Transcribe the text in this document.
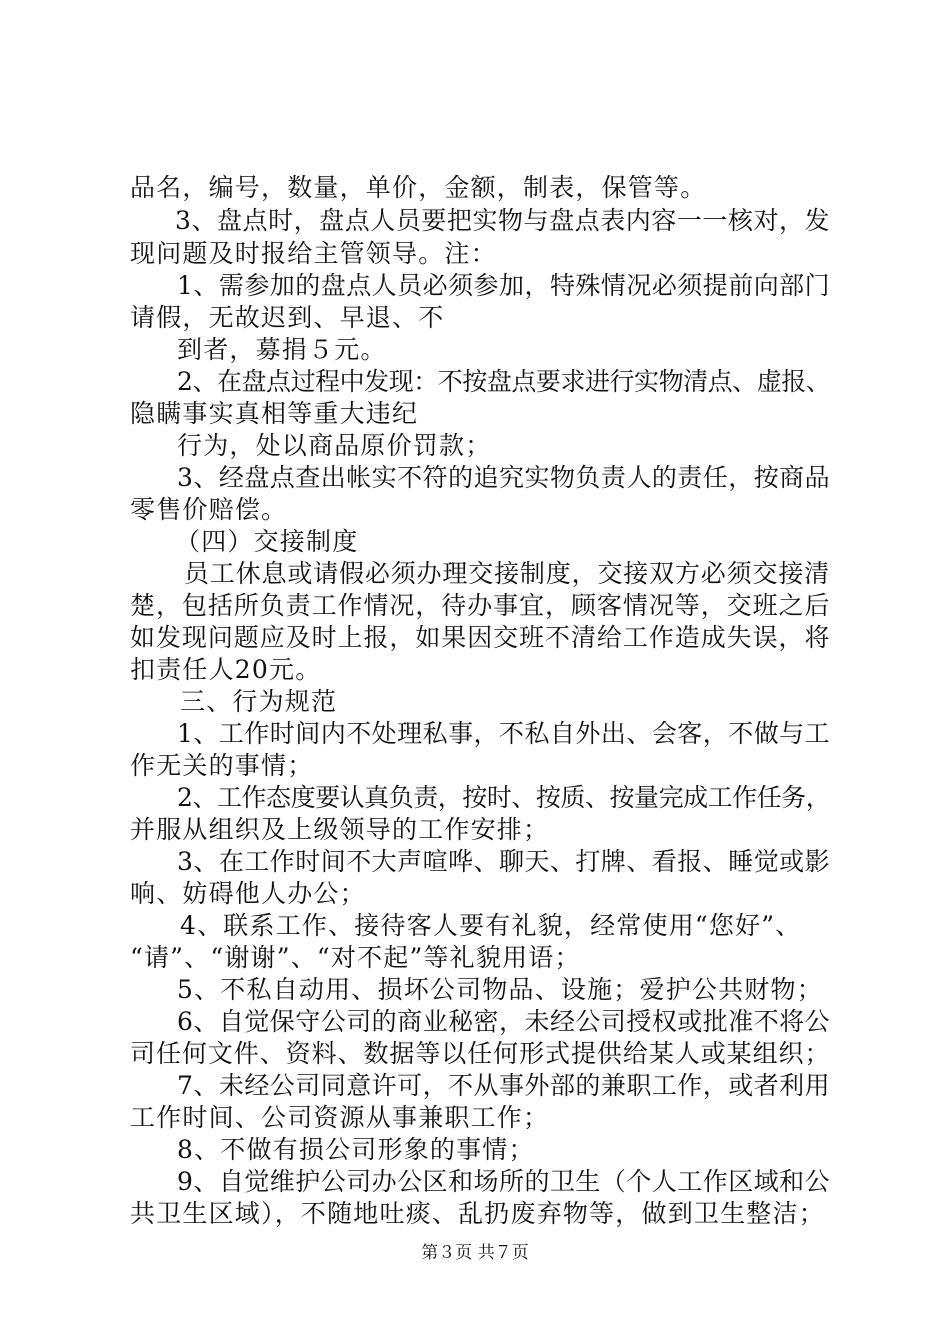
品名，编号，数量，单价，金额，制表，保管等。
3、盘点时，盘点人员要把实物与盘点表内容一一核对，发
现问题及时报给主管领导。注：
1、需参加的盘点人员必须参加，特殊情况必须提前向部门
请假，无故迟到、早退、不
到者，募捐５元。
2、在盘点过程中发现：不按盘点要求进行实物清点、虚报、
隐瞒事实真相等重大违纪
行为，处以商品原价罚款；
3、经盘点查出帐实不符的追究实物负责人的责任，按商品
零售价赔偿。
（四）交接制度
员工休息或请假必须办理交接制度，交接双方必须交接清
楚，包括所负责工作情况，待办事宜，顾客情况等，交班之后
如发现问题应及时上报，如果因交班不清给工作造成失误，将
扣责任人20元。
三、行为规范
1、工作时间内不处理私事，不私自外出、会客，不做与工
作无关的事情；
2、工作态度要认真负责，按时、按质、按量完成工作任务，
并服从组织及上级领导的工作安排；
3、在工作时间不大声喧哗、聊天、打牌、看报、睡觉或影
响、妨碍他人办公；
4、联系工作、接待客人要有礼貌，经常使用“您好”、
“请”、“谢谢”、“对不起”等礼貌用语；
5、不私自动用、损坏公司物品、设施；爱护公共财物；
6、自觉保守公司的商业秘密，未经公司授权或批准不将公
司任何文件、资料、数据等以任何形式提供给某人或某组织；
7、未经公司同意许可，不从事外部的兼职工作，或者利用
工作时间、公司资源从事兼职工作；
8、不做有损公司形象的事情；
9、自觉维护公司办公区和场所的卫生（个人工作区域和公
共卫生区域），不随地吐痰、乱扔废弃物等，做到卫生整洁；
第３页 共７页
